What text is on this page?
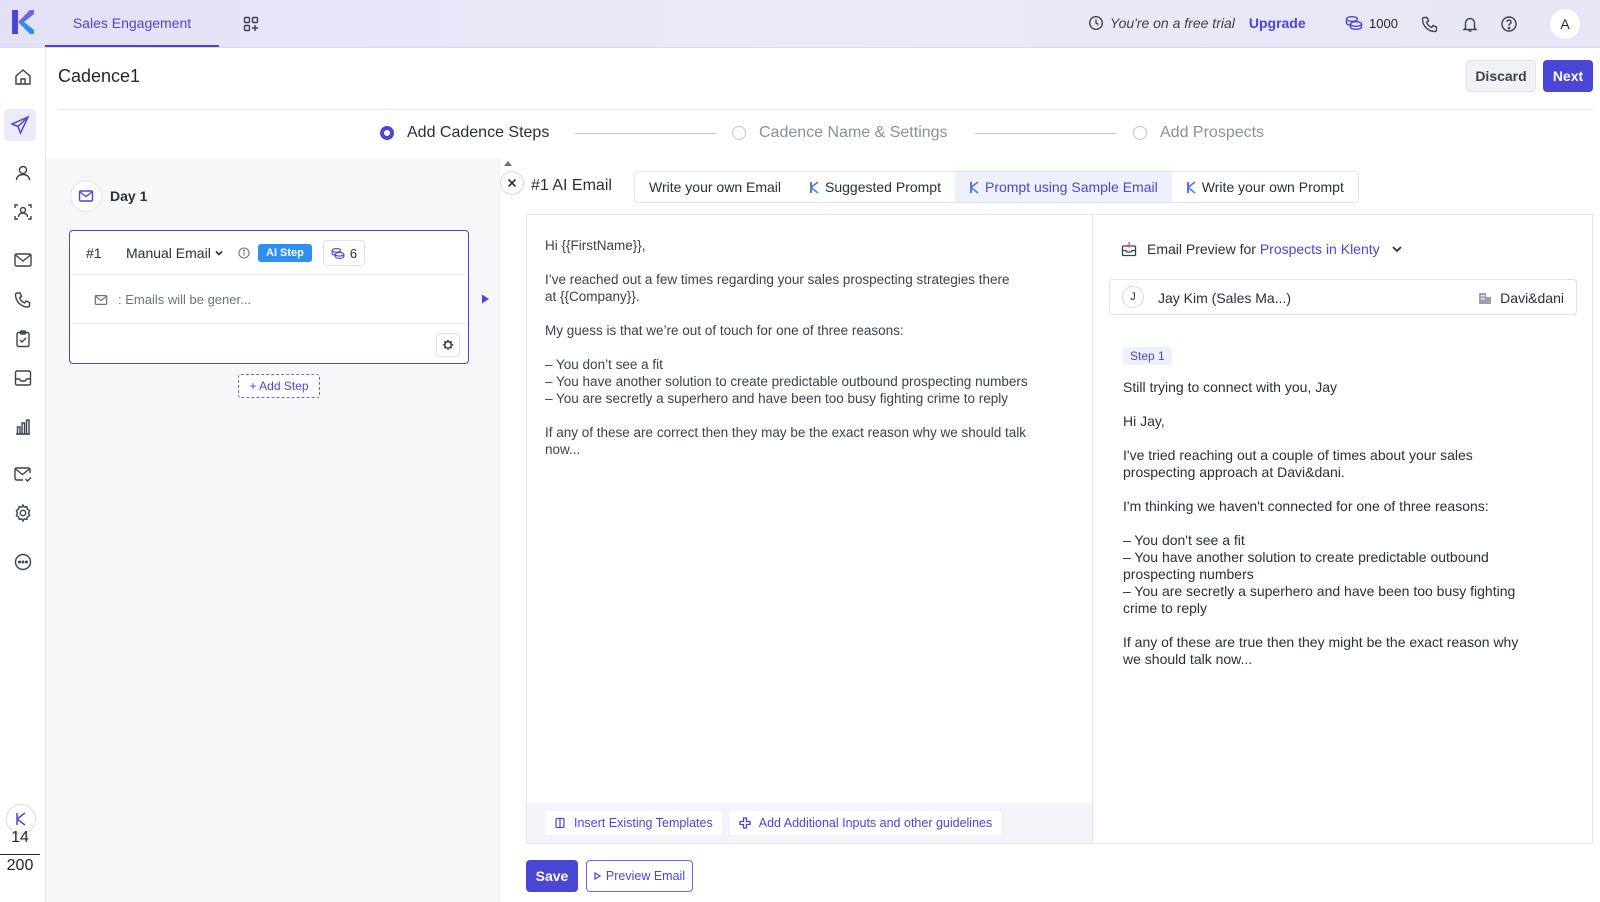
Sales Engagement	You're on a free trial Upgrade	1000	A
14
200
Cadence1	Discard	Next
Add Cadence Steps	Cadence Name & Settings	Add Prospects
Day 1
#1 Manual Email	AI Step	6
: Emails will be gener...
+ Add Step
#1 AI Email	Write your own Email	Suggested Prompt	Prompt using Sample Email	Write your own Prompt
Hi {{FirstName}},

I’ve reached out a few times regarding your sales prospecting strategies there
at {{Company}}.

My guess is that we’re out of touch for one of three reasons:

– You don’t see a fit
– You have another solution to create predictable outbound prospecting numbers
– You are secretly a superhero and have been too busy fighting crime to reply

If any of these are correct then they may be the exact reason why we should talk
now...
Insert Existing Templates	Add Additional Inputs and other guidelines
Email Preview for Prospects in Klenty
J	Jay Kim (Sales Ma...)	Davi&dani
Step 1
Still trying to connect with you, Jay
Hi Jay,

I've tried reaching out a couple of times about your sales
prospecting approach at Davi&dani.

I'm thinking we haven't connected for one of three reasons:

– You don't see a fit
– You have another solution to create predictable outbound
prospecting numbers
– You are secretly a superhero and have been too busy fighting
crime to reply

If any of these are true then they might be the exact reason why
we should talk now...
Save	Preview Email
